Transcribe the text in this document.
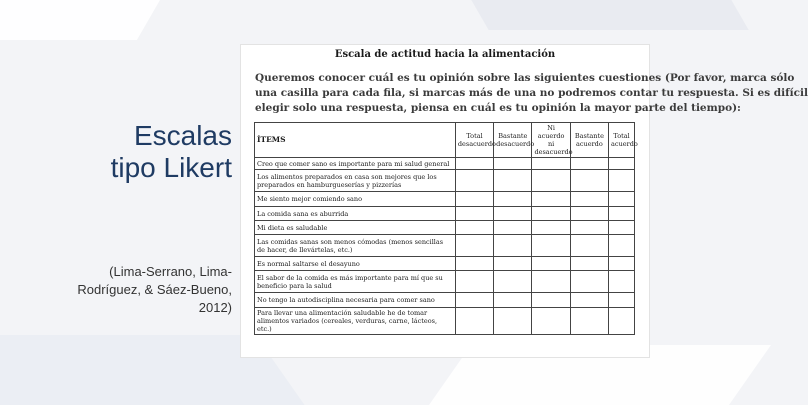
Escalas
tipo Likert
(Lima-Serrano, Lima-
Rodríguez, & Sáez-Bueno,
2012)
Escala de actitud hacia la alimentación
Queremos conocer cuál es tu opinión sobre las siguientes cuestiones (Por favor, marca sólo
una casilla para cada fila, si marcas más de una no podremos contar tu respuesta. Si es difícil
elegir solo una respuesta, piensa en cuál es tu opinión la mayor parte del tiempo):
ÍTEMS	Total desacuerdo	Bastante desacuerdo	Ni acuerdo ni desacuerdo	Bastante acuerdo	Total acuerdo
Creo que comer sano es importante para mi salud general					
Los alimentos preparados en casa son mejores que los preparados en hamburgueserías y pizzerías					
Me siento mejor comiendo sano					
La comida sana es aburrida					
Mi dieta es saludable					
Las comidas sanas son menos cómodas (menos sencillas de hacer, de llevártelas, etc.)					
Es normal saltarse el desayuno					
El sabor de la comida es más importante para mí que su beneficio para la salud					
No tengo la autodisciplina necesaria para comer sano					
Para llevar una alimentación saludable he de tomar alimentos variados (cereales, verduras, carne, lácteos, etc.)					
